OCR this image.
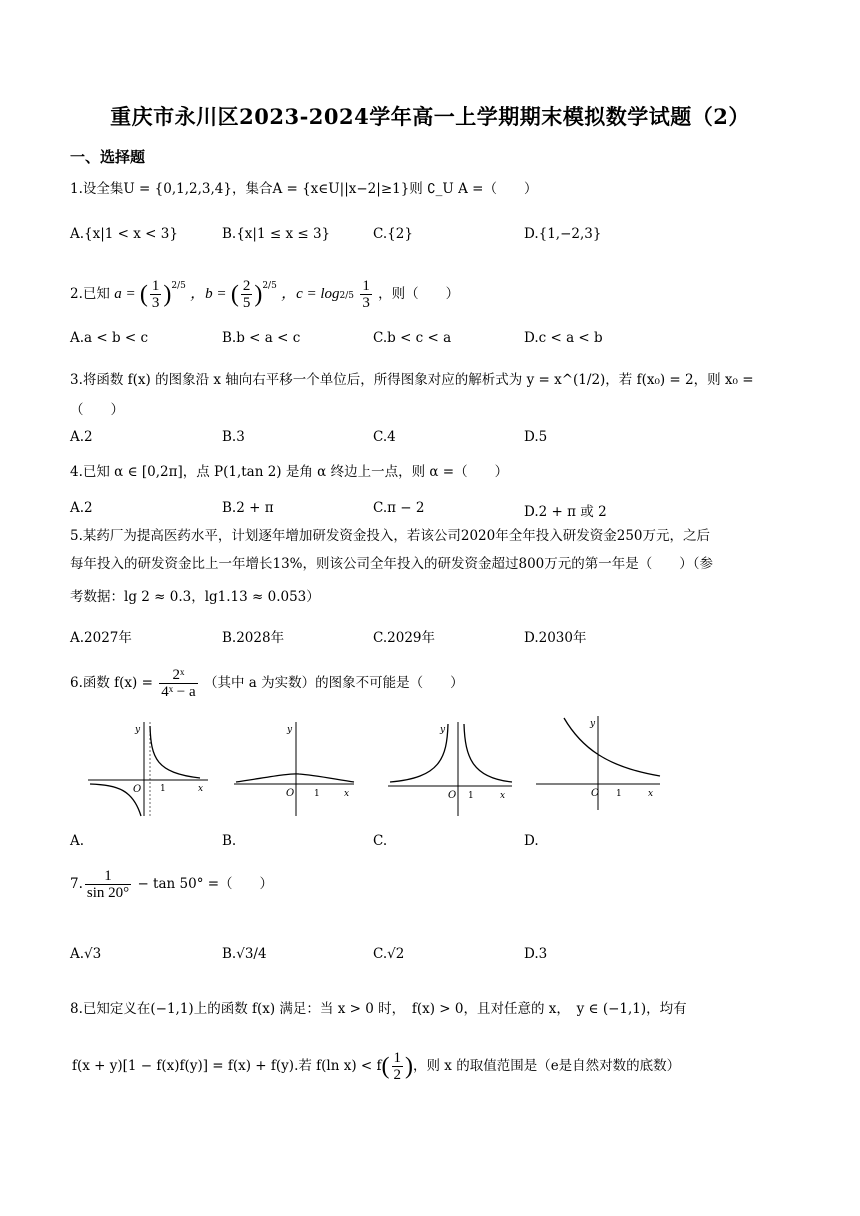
重庆市永川区2023-2024学年高一上学期期末模拟数学试题（2）
一、选择题
1.设全集U = {0,1,2,3,4}，集合A = {x∈U||x−2|≥1}则 ∁_U A =（　　）
A.{x|1 < x < 3}	B.{x|1 ≤ x ≤ 3}	C.{2}	D.{1,−2,3}
2.已知 a = ( $\frac{1}{3} )^{2/5}$ ，b = ( $\frac{2}{5} )^{2/5}$ ，$c = \log 2/5 \frac{1}{3}$ ，则（　　）
A.a < b < c	B.b < a < c	C.b < c < a	D.c < a < b
3.将函数 f(x) 的图象沿 x 轴向右平移一个单位后，所得图象对应的解析式为 y = x^(1/2)，若 f(x₀) = 2，则 x₀ =
（　　）
A.2	B.3	C.4	D.5
4.已知 α ∈ [0,2π]，点 P(1,tan 2) 是角 α 终边上一点，则 α =（　　）
A.2	B.2 + π	C.π − 2	D.2 + π 或 2
5.某药厂为提高医药水平，计划逐年增加研发资金投入，若该公司2020年全年投入研发资金250万元，之后
每年投入的研发资金比上一年增长13%，则该公司全年投入的研发资金超过800万元的第一年是（　　）（参
考数据：lg 2 ≈ 0.3，lg1.13 ≈ 0.053）
A.2027年	B.2028年	C.2029年	D.2030年
6.函数 $f(x) = \frac{\text{2ˣ}}{\text{4ˣ − a}}$ （其中 a 为实数）的图象不可能是（　　）
y
O 1	x
A.
y
O 1	x
B.
y
O 1	x
C.
y
O 1	x
D.
7. $\frac{1}{\sin 20^\circ} - \tan 50^\circ$ =（　　）
A.√3	B.√3/4	C.√2	D.3
8.已知定义在(−1,1)上的函数 f(x) 满足：当 x > 0 时，　f(x) > 0，且对任意的 x，　y ∈ (−1,1)，均有
f(x + y)[1 − f(x)f(y)] = f(x) + f(y).若 f(ln $x) < f( \frac{1}{2}$ )，则 x 的取值范围是（e是自然对数的底数）
